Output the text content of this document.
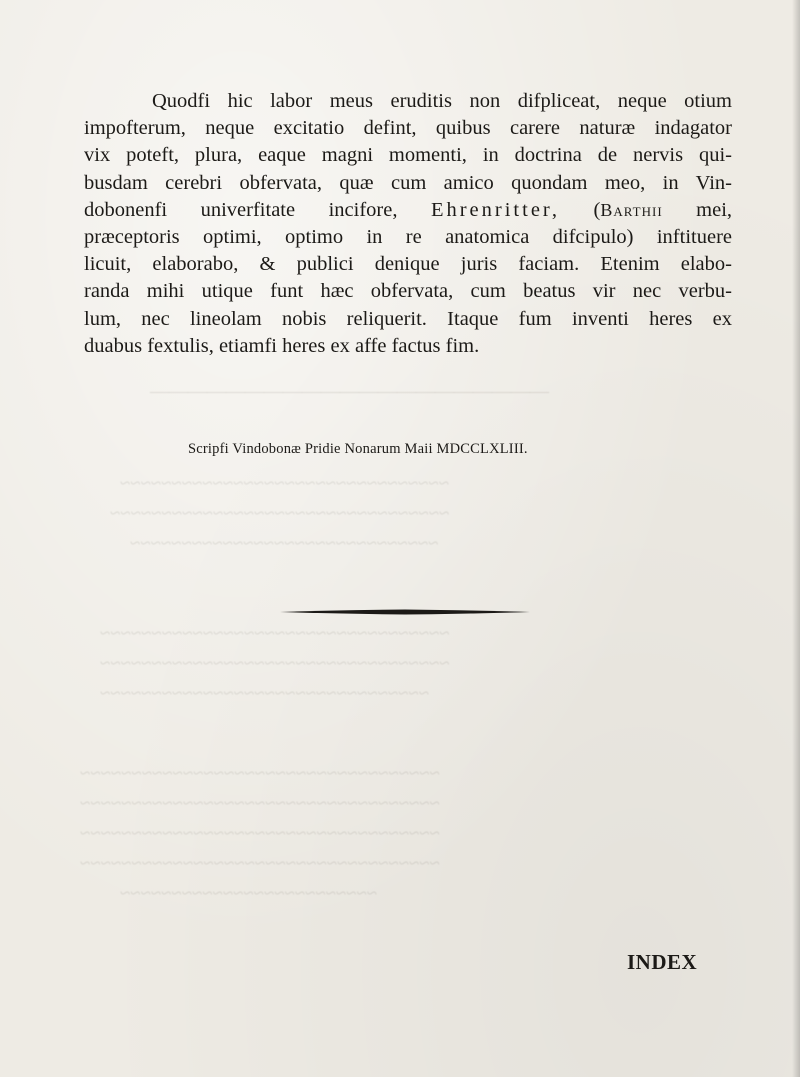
—————————————————————
~~~~~~~~~~~~~~~~~~~~~~~~~~~~~~~~
~~~~~~~~~~~~~~~~~~~~~~~~~~~~~~~~~
~~~~~~~~~~~~~~~~~~~~~~~~~~~~~~
~~~~~~~~~~~~~~~~~~~~~~~~~~~~~~~~~~
~~~~~~~~~~~~~~~~~~~~~~~~~~~~~~~~~~
~~~~~~~~~~~~~~~~~~~~~~~~~~~~~~~~
~~~~~~~~~~~~~~~~~~~~~~~~~~~~~~~~~~~
~~~~~~~~~~~~~~~~~~~~~~~~~~~~~~~~~~~
~~~~~~~~~~~~~~~~~~~~~~~~~~~~~~~~~~~
~~~~~~~~~~~~~~~~~~~~~~~~~~~~~~~~~~~
~~~~~~~~~~~~~~~~~~~~~~~~~
Quodfi hic labor meus eruditis non difpliceat, neque otium
impofterum, neque excitatio defint, quibus carere naturæ indagator
vix poteft, plura, eaque magni momenti, in doctrina de nervis qui-
busdam cerebri obfervata, quæ cum amico quondam meo, in Vin-
dobonenfi univerfitate incifore, Ehrenritter, (Barthii mei,
præceptoris optimi, optimo in re anatomica difcipulo) inftituere
licuit, elaborabo, & publici denique juris faciam. Etenim elabo-
randa mihi utique funt hæc obfervata, cum beatus vir nec verbu-
lum, nec lineolam nobis reliquerit. Itaque fum inventi heres ex
duabus fextulis, etiamfi heres ex affe factus fim.
Scripfi Vindobonæ Pridie Nonarum Maii MDCCLXLIII.
INDEX
